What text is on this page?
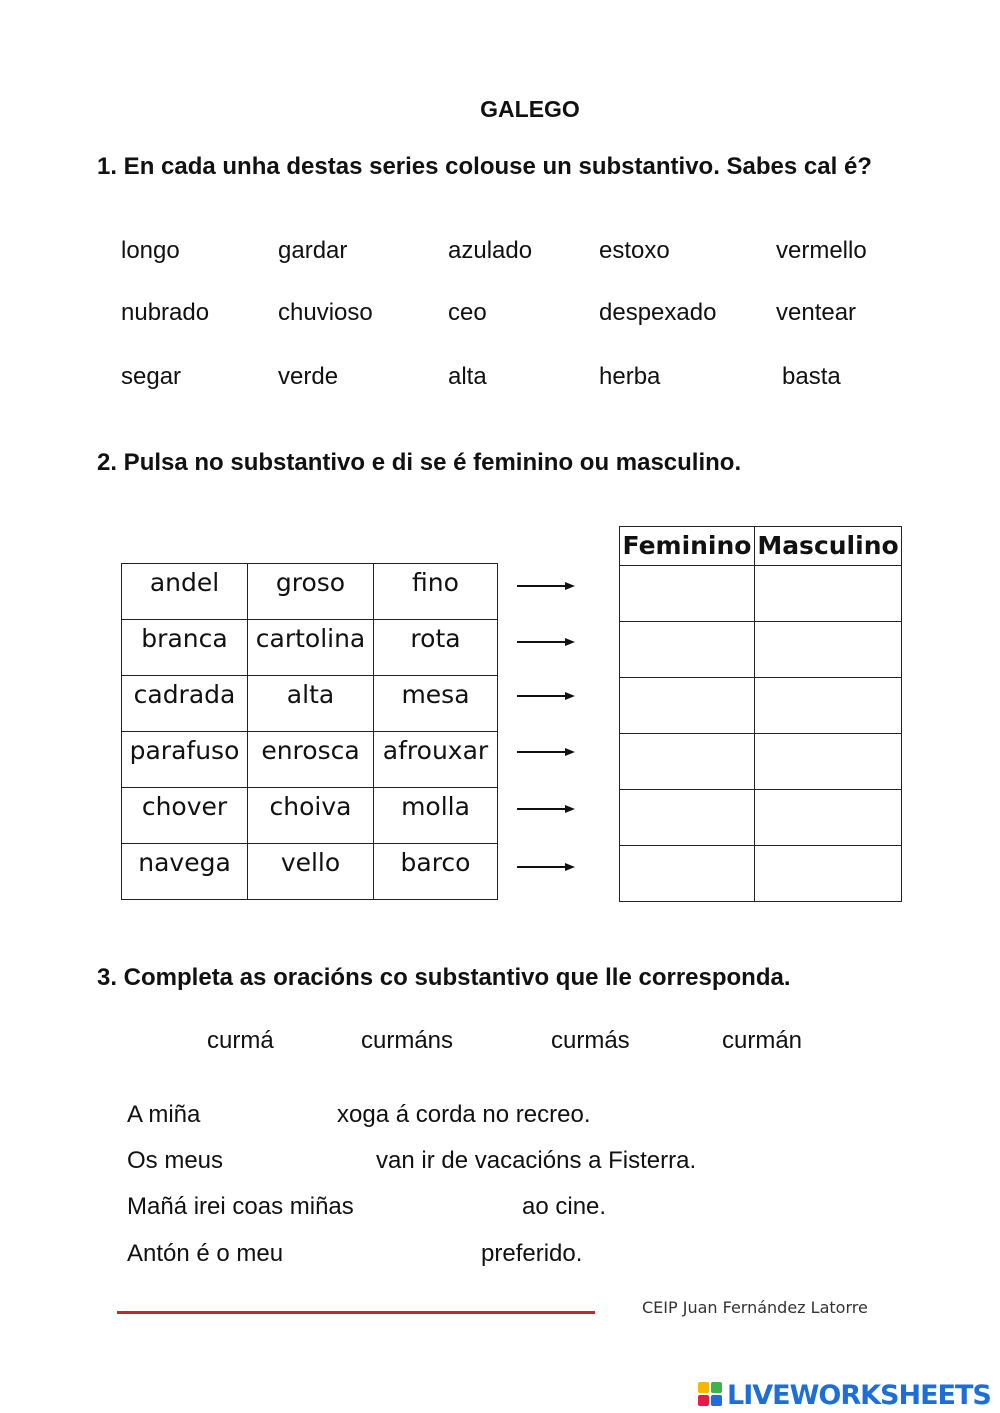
GALEGO
1. En cada unha destas series colouse un substantivo. Sabes cal é?
longo	gardar	azulado	estoxo	vermello
nubrado	chuvioso	ceo	despexado ventear
segar	verde	alta	herba	basta
2. Pulsa no substantivo e di se é feminino ou masculino.
andel	groso	fino
branca	cartolina	rota
cadrada	alta	mesa
parafuso	enrosca	afrouxar
chover	choiva	molla
navega	vello	barco
Feminino	Masculino

3. Completa as oracións co substantivo que lle corresponda.
curmá	curmáns	curmás	curmán
A miña	xoga á corda no recreo.
Os meus	van ir de vacacións a Fisterra.
Mañá irei coas miñas	ao cine.
Antón é o meu	preferido.
CEIP Juan Fernández Latorre
LIVEWORKSHEETS
